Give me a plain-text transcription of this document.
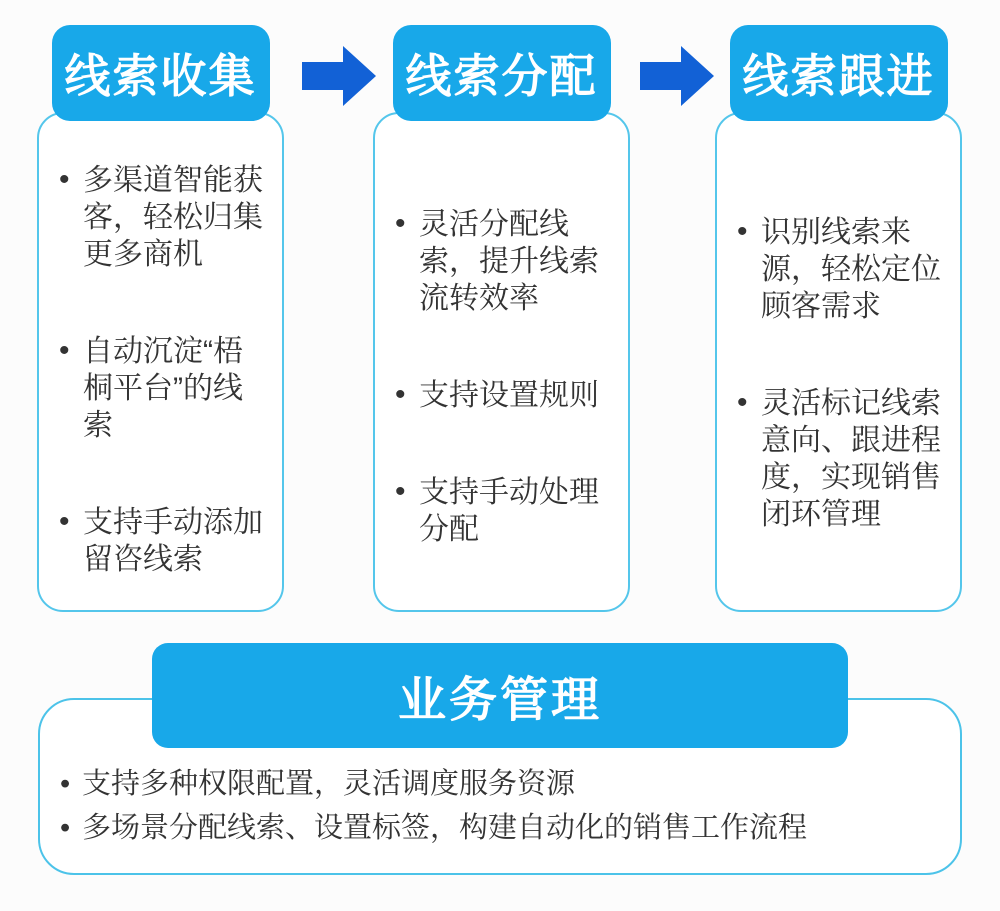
线索收集
• 多渠道智能获客，轻松归集更多商机
• 自动沉淀“梧桐平台”的线索
• 支持手动添加留咨线索
线索分配
• 灵活分配线索，提升线索流转效率
• 支持设置规则
• 支持手动处理分配
线索跟进
• 识别线索来源，轻松定位顾客需求
• 灵活标记线索意向、跟进程度，实现销售闭环管理
业务管理
• 支持多种权限配置，灵活调度服务资源
• 多场景分配线索、设置标签，构建自动化的销售工作流程
